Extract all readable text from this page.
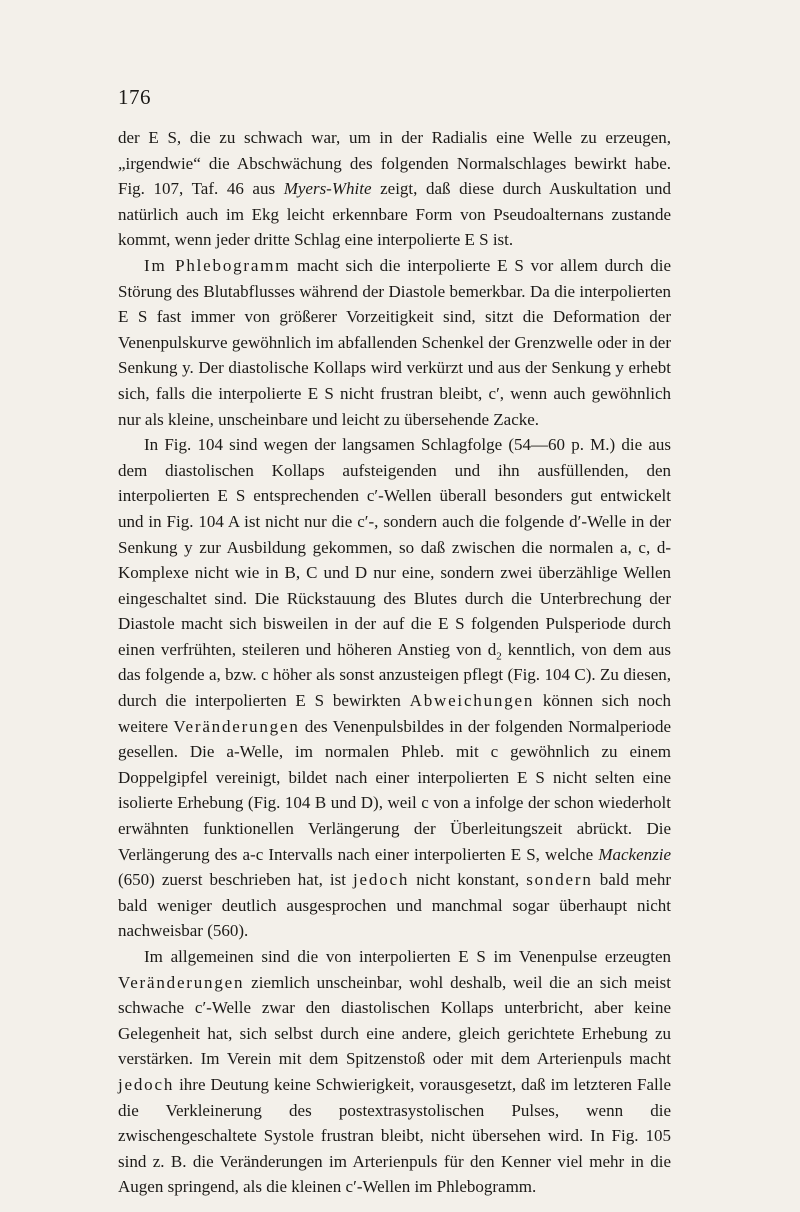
176

der E S, die zu schwach war, um in der Radialis eine Welle zu erzeugen, „irgendwie“ die Abschwächung des folgenden Normalschlages bewirkt habe. Fig. 107, Taf. 46 aus Myers-White zeigt, daß diese durch Auskultation und natürlich auch im Ekg leicht erkennbare Form von Pseudoalternans zustande kommt, wenn jeder dritte Schlag eine interpolierte E S ist.

Im Phlebogramm macht sich die interpolierte E S vor allem durch die Störung des Blutabflusses während der Diastole bemerkbar. Da die interpolierten E S fast immer von größerer Vorzeitigkeit sind, sitzt die Deformation der Venenpulskurve gewöhnlich im abfallenden Schenkel der Grenzwelle oder in der Senkung y. Der diastolische Kollaps wird verkürzt und aus der Senkung y erhebt sich, falls die interpolierte E S nicht frustran bleibt, c′, wenn auch gewöhnlich nur als kleine, unscheinbare und leicht zu übersehende Zacke.

In Fig. 104 sind wegen der langsamen Schlagfolge (54—60 p. M.) die aus dem diastolischen Kollaps aufsteigenden und ihn ausfüllenden, den interpolierten E S entsprechenden c′-Wellen überall besonders gut entwickelt und in Fig. 104 A ist nicht nur die c′-, sondern auch die folgende d′-Welle in der Senkung y zur Ausbildung gekommen, so daß zwischen die normalen a, c, d-Komplexe nicht wie in B, C und D nur eine, sondern zwei überzählige Wellen eingeschaltet sind. Die Rückstauung des Blutes durch die Unterbrechung der Diastole macht sich bisweilen in der auf die E S folgenden Pulsperiode durch einen verfrühten, steileren und höheren Anstieg von $d_2$ kenntlich, von dem aus das folgende a, bzw. c höher als sonst anzusteigen pflegt (Fig. 104 C). Zu diesen, durch die interpolierten E S bewirkten Abweichungen können sich noch weitere Veränderungen des Venenpulsbildes in der folgenden Normalperiode gesellen. Die a-Welle, im normalen Phleb. mit c gewöhnlich zu einem Doppelgipfel vereinigt, bildet nach einer interpolierten E S nicht selten eine isolierte Erhebung (Fig. 104 B und D), weil c von a infolge der schon wiederholt erwähnten funktionellen Verlängerung der Überleitungszeit abrückt. Die Verlängerung des a-c Intervalls nach einer interpolierten E S, welche Mackenzie (650) zuerst beschrieben hat, ist jedoch nicht konstant, sondern bald mehr bald weniger deutlich ausgesprochen und manchmal sogar überhaupt nicht nachweisbar (560).

Im allgemeinen sind die von interpolierten E S im Venenpulse erzeugten Veränderungen ziemlich unscheinbar, wohl deshalb, weil die an sich meist schwache c′-Welle zwar den diastolischen Kollaps unterbricht, aber keine Gelegenheit hat, sich selbst durch eine andere, gleich gerichtete Erhebung zu verstärken. Im Verein mit dem Spitzenstoß oder mit dem Arterienpuls macht jedoch ihre Deutung keine Schwierigkeit, vorausgesetzt, daß im letzteren Falle die Verkleinerung des postextrasystolischen Pulses, wenn die zwischengeschaltete Systole frustran bleibt, nicht übersehen wird. In Fig. 105 sind z. B. die Veränderungen im Arterienpuls für den Kenner viel mehr in die Augen springend, als die kleinen c′-Wellen im Phlebogramm.
